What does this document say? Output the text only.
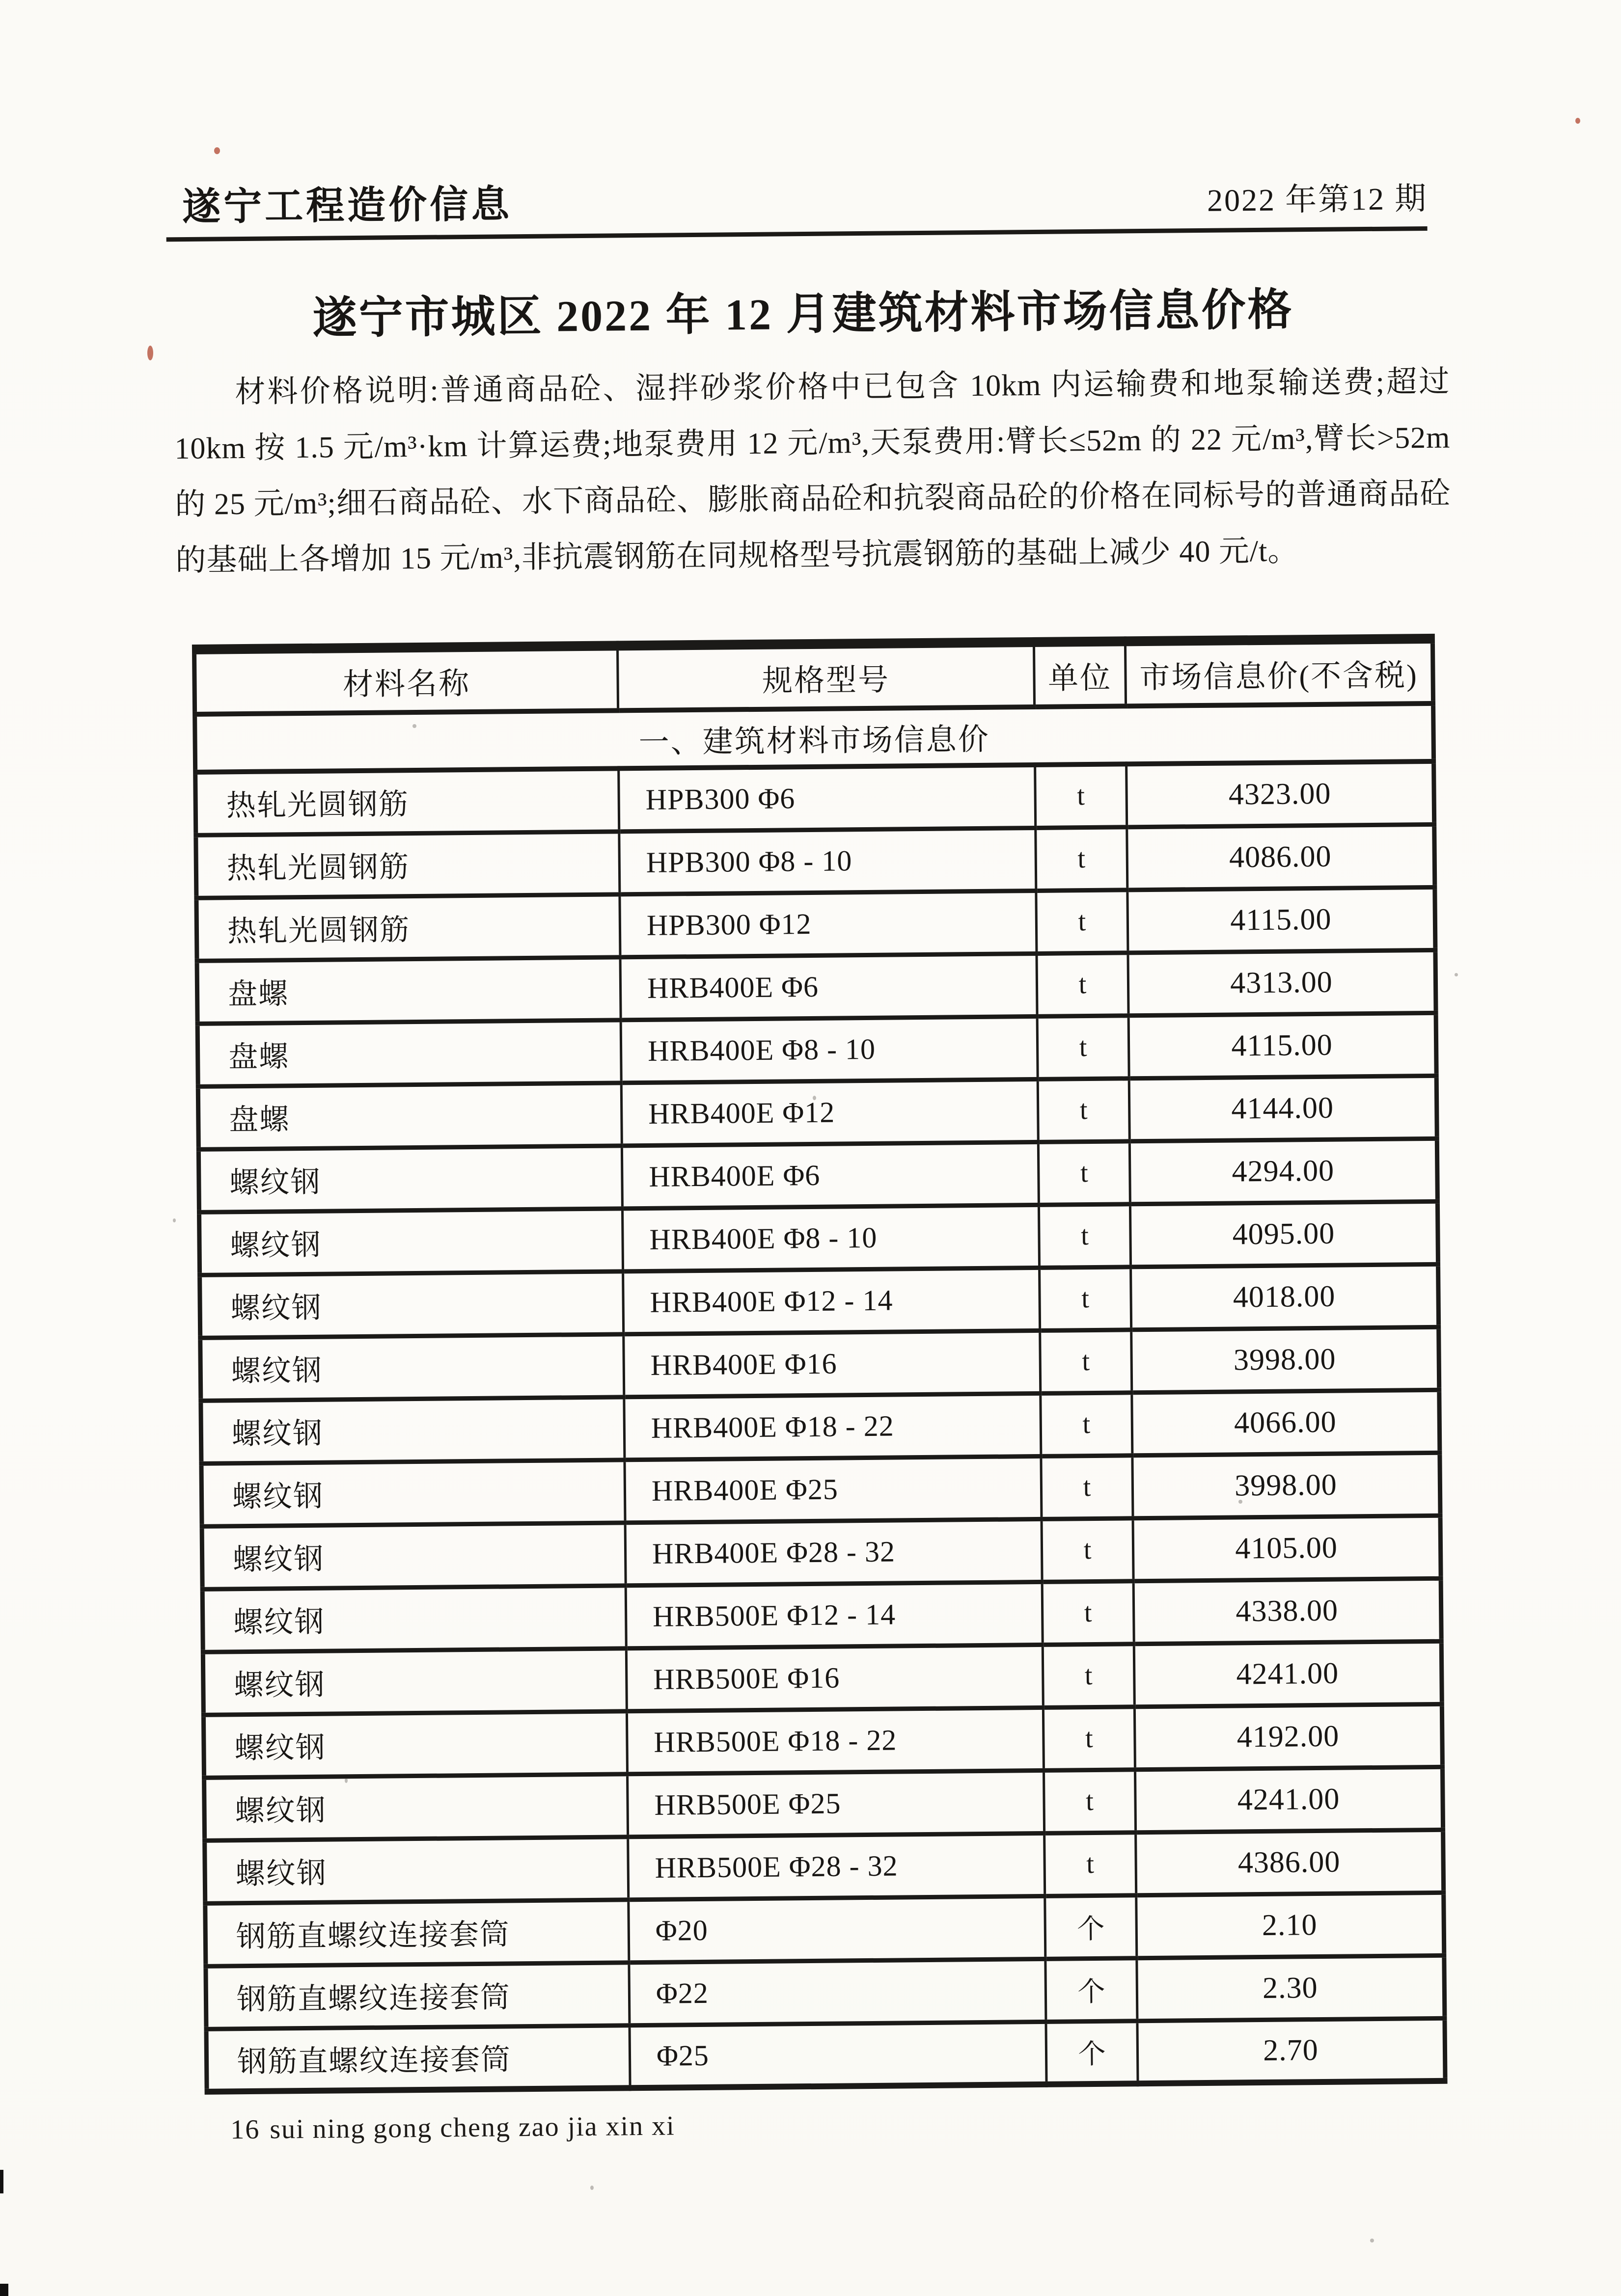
遂宁工程造价信息	2022 年第12 期
遂宁市城区 2022 年 12 月建筑材料市场信息价格

材料价格说明:普通商品砼、湿拌砂浆价格中已包含 10km 内运输费和地泵输送费;超过 10km 按 1.5 元/m³·km 计算运费;地泵费用 12 元/m³,天泵费用:臂长≤52m 的 22 元/m³,臂长>52m 的 25 元/m³;细石商品砼、水下商品砼、膨胀商品砼和抗裂商品砼的价格在同标号的普通商品砼的基础上各增加 15 元/m³,非抗震钢筋在同规格型号抗震钢筋的基础上减少 40 元/t。

材料名称	规格型号	单位	市场信息价(不含税)
一、建筑材料市场信息价			
热轧光圆钢筋	HPB300 Φ6	t	4323.00
热轧光圆钢筋	HPB300 Φ8 - 10	t	4086.00
热轧光圆钢筋	HPB300 Φ12	t	4115.00
盘螺	HRB400E Φ6	t	4313.00
盘螺	HRB400E Φ8 - 10	t	4115.00
盘螺	HRB400E Φ12	t	4144.00
螺纹钢	HRB400E Φ6	t	4294.00
螺纹钢	HRB400E Φ8 - 10	t	4095.00
螺纹钢	HRB400E Φ12 - 14	t	4018.00
螺纹钢	HRB400E Φ16	t	3998.00
螺纹钢	HRB400E Φ18 - 22	t	4066.00
螺纹钢	HRB400E Φ25	t	3998.00
螺纹钢	HRB400E Φ28 - 32	t	4105.00
螺纹钢	HRB500E Φ12 - 14	t	4338.00
螺纹钢	HRB500E Φ16	t	4241.00
螺纹钢	HRB500E Φ18 - 22	t	4192.00
螺纹钢	HRB500E Φ25	t	4241.00
螺纹钢	HRB500E Φ28 - 32	t	4386.00
钢筋直螺纹连接套筒	Φ20	个	2.10
钢筋直螺纹连接套筒	Φ22	个	2.30
钢筋直螺纹连接套筒	Φ25	个	2.70
16 sui ning gong cheng zao jia xin xi
